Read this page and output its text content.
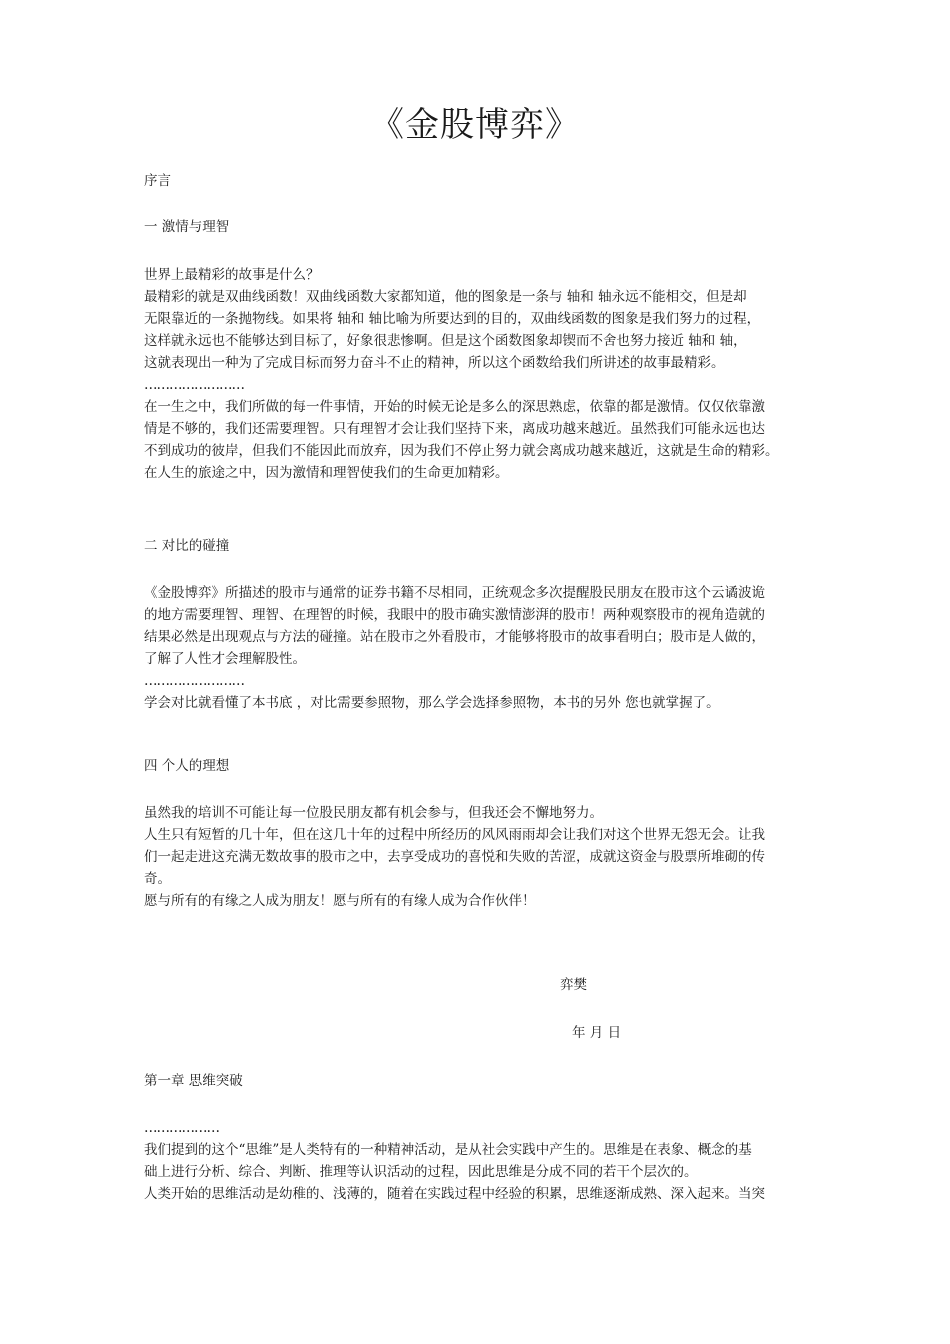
《金股博弈》
序言
一 激情与理智
世界上最精彩的故事是什么？
最精彩的就是双曲线函数！双曲线函数大家都知道，他的图象是一条与 轴和 轴永远不能相交，但是却
无限靠近的一条抛物线。如果将 轴和 轴比喻为所要达到的目的，双曲线函数的图象是我们努力的过程，
这样就永远也不能够达到目标了，好象很悲惨啊。但是这个函数图象却锲而不舍也努力接近 轴和 轴，
这就表现出一种为了完成目标而努力奋斗不止的精神，所以这个函数给我们所讲述的故事最精彩。
……………………
在一生之中，我们所做的每一件事情，开始的时候无论是多么的深思熟虑，依靠的都是激情。仅仅依靠激
情是不够的，我们还需要理智。只有理智才会让我们坚持下来，离成功越来越近。虽然我们可能永远也达
不到成功的彼岸，但我们不能因此而放弃，因为我们不停止努力就会离成功越来越近，这就是生命的精彩。
在人生的旅途之中，因为激情和理智使我们的生命更加精彩。
二 对比的碰撞
《金股博弈》所描述的股市与通常的证券书籍不尽相同，正统观念多次提醒股民朋友在股市这个云谲波诡
的地方需要理智、理智、在理智的时候，我眼中的股市确实激情澎湃的股市！两种观察股市的视角造就的
结果必然是出现观点与方法的碰撞。站在股市之外看股市，才能够将股市的故事看明白；股市是人做的，
了解了人性才会理解股性。
……………………
学会对比就看懂了本书底 ，对比需要参照物，那么学会选择参照物，本书的另外 您也就掌握了。
四 个人的理想
虽然我的培训不可能让每一位股民朋友都有机会参与，但我还会不懈地努力。
人生只有短暂的几十年，但在这几十年的过程中所经历的风风雨雨却会让我们对这个世界无怨无会。让我
们一起走进这充满无数故事的股市之中，去享受成功的喜悦和失败的苦涩，成就这资金与股票所堆砌的传
奇。
愿与所有的有缘之人成为朋友！愿与所有的有缘人成为合作伙伴！
弈樊
年 月 日
第一章 思维突破
………………
我们提到的这个“思维”是人类特有的一种精神活动，是从社会实践中产生的。思维是在表象、概念的基
础上进行分析、综合、判断、推理等认识活动的过程，因此思维是分成不同的若干个层次的。
人类开始的思维活动是幼稚的、浅薄的，随着在实践过程中经验的积累，思维逐渐成熟、深入起来。当突
